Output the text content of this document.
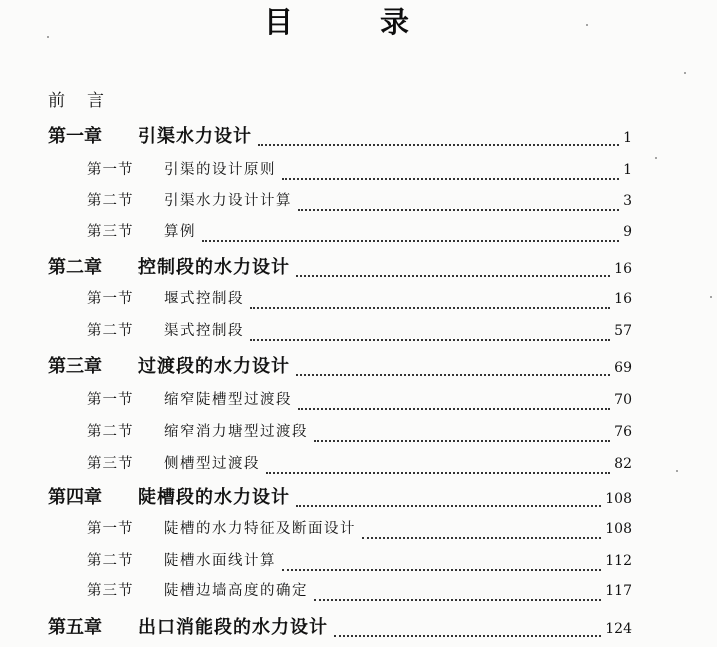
目	录
前 言
第一章	引渠水力设计	1
第一节	引渠的设计原则	1
第二节	引渠水力设计计算	3
第三节	算例	9
第二章	控制段的水力设计	16
第一节	堰式控制段	16
第二节	渠式控制段	57
第三章	过渡段的水力设计	69
第一节	缩窄陡槽型过渡段	70
第二节	缩窄消力塘型过渡段	76
第三节	侧槽型过渡段	82
第四章	陡槽段的水力设计	108
第一节	陡槽的水力特征及断面设计	108
第二节	陡槽水面线计算	112
第三节	陡槽边墙高度的确定	117
第五章	出口消能段的水力设计	124
